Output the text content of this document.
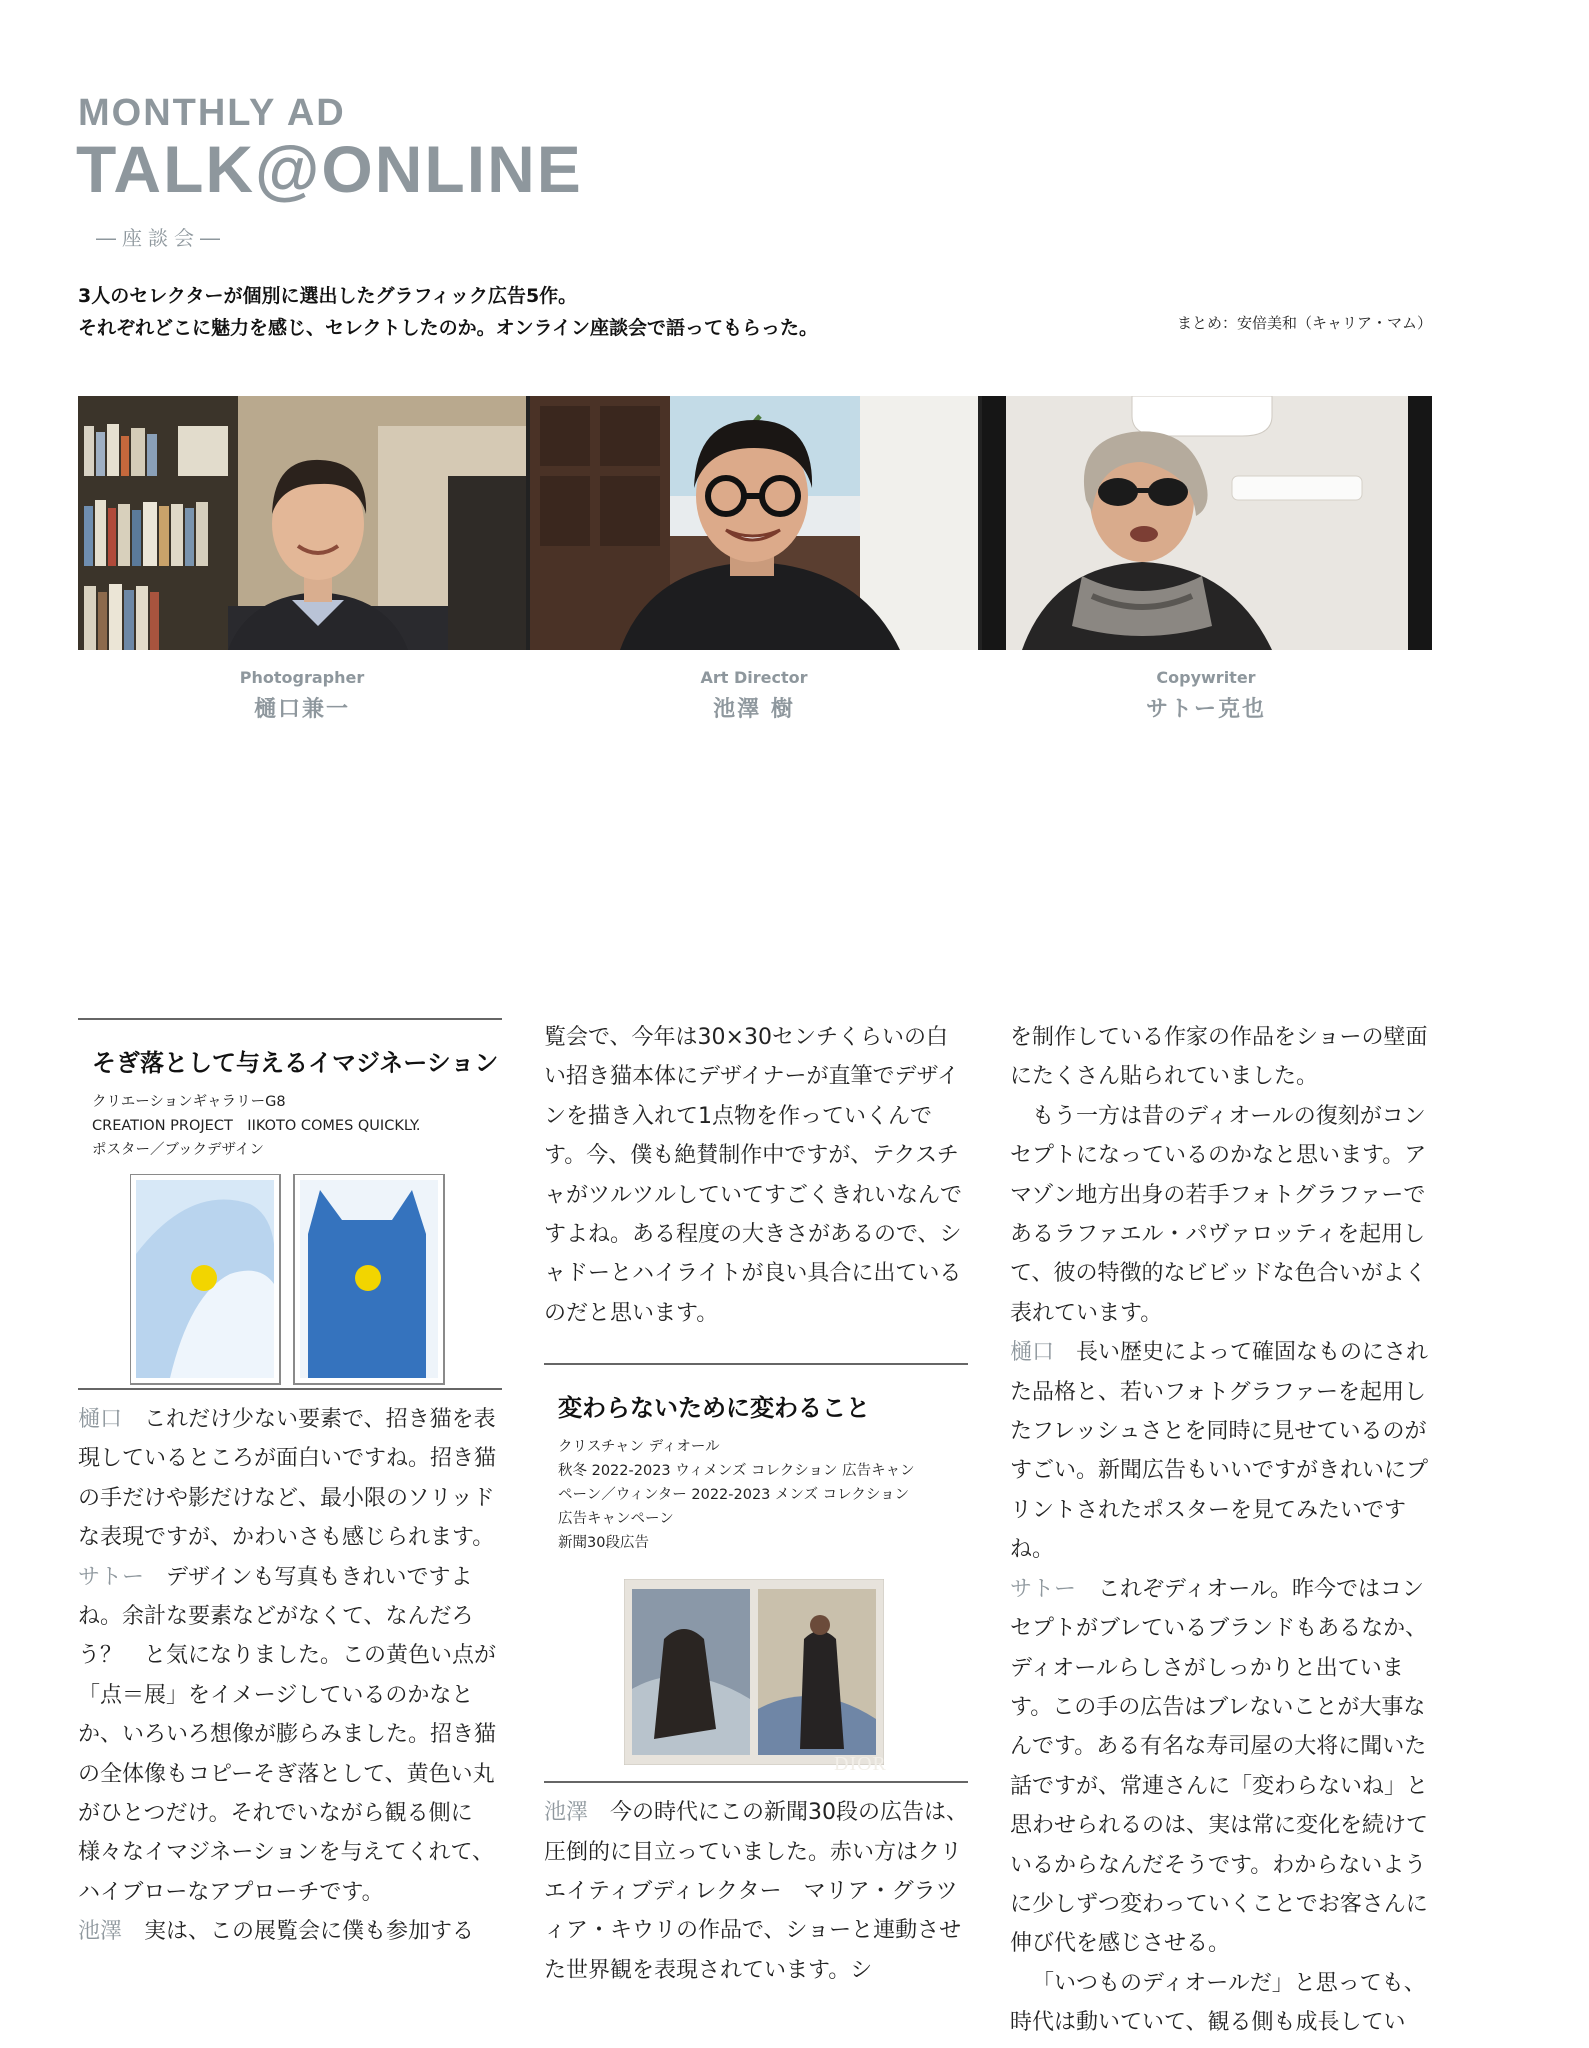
MONTHLY AD
TALK@ONLINE
―座談会―

3人のセレクターが個別に選出したグラフィック広告5作。

それぞれどこに魅力を感じ、セレクトしたのか。オンライン座談会で語ってもらった。	まとめ：安倍美和（キャリア・マム）
Photographer
樋口兼一
Art Director
池澤 樹
Copywriter
サトー克也
そぎ落として与えるイマジネーション

クリエーションギャラリーG8

CREATION PROJECT　IIKOTO COMES QUICKLY.

ポスター／ブックデザイン

樋口　これだけ少ない要素で、招き猫を表現しているところが面白いですね。招き猫の手だけや影だけなど、最小限のソリッドな表現ですが、かわいさも感じられます。

サトー　デザインも写真もきれいですよね。余計な要素などがなくて、なんだろう？　と気になりました。この黄色い点が「点＝展」をイメージしているのかなとか、いろいろ想像が膨らみました。招き猫の全体像もコピーそぎ落として、黄色い丸がひとつだけ。それでいながら観る側に様々なイマジネーションを与えてくれて、ハイブローなアプローチです。

池澤　実は、この展覧会に僕も参加する

覧会で、今年は30×30センチくらいの白い招き猫本体にデザイナーが直筆でデザインを描き入れて1点物を作っていくんです。今、僕も絶賛制作中ですが、テクスチャがツルツルしていてすごくきれいなんですよね。ある程度の大きさがあるので、シャドーとハイライトが良い具合に出ているのだと思います。

変わらないために変わること

クリスチャン ディオール

秋冬 2022-2023 ウィメンズ コレクション 広告キャン

ペーン／ウィンター 2022-2023 メンズ コレクション

広告キャンペーン

新聞30段広告

DIOR

池澤　今の時代にこの新聞30段の広告は、圧倒的に目立っていました。赤い方はクリエイティブディレクター　マリア・グラツィア・キウリの作品で、ショーと連動させた世界観を表現されています。シ

を制作している作家の作品をショーの壁面にたくさん貼られていました。

もう一方は昔のディオールの復刻がコンセプトになっているのかなと思います。アマゾン地方出身の若手フォトグラファーであるラファエル・パヴァロッティを起用して、彼の特徴的なビビッドな色合いがよく表れています。

樋口　長い歴史によって確固なものにされた品格と、若いフォトグラファーを起用したフレッシュさとを同時に見せているのがすごい。新聞広告もいいですがきれいにプリントされたポスターを見てみたいですね。

サトー　これぞディオール。昨今ではコンセプトがブレているブランドもあるなか、ディオールらしさがしっかりと出ています。この手の広告はブレないことが大事なんです。ある有名な寿司屋の大将に聞いた話ですが、常連さんに「変わらないね」と思わせられるのは、実は常に変化を続けているからなんだそうです。わからないように少しずつ変わっていくことでお客さんに伸び代を感じさせる。

「いつものディオールだ」と思っても、時代は動いていて、観る側も成長してい
